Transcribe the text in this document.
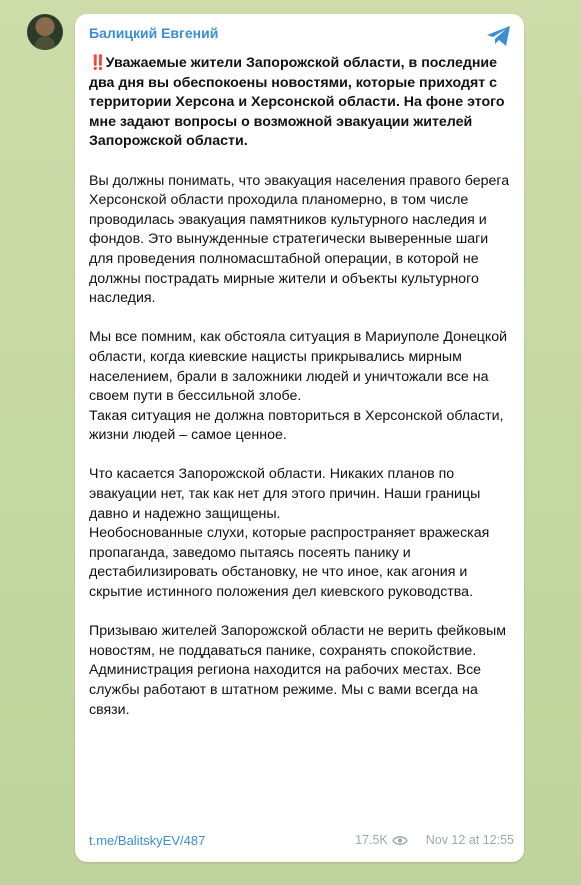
Балицкий Евгений

‼️Уважаемые жители Запорожской области, в последние два дня вы обеспокоены новостями, которые приходят с территории Херсона и Херсонской области. На фоне этого мне задают вопросы о возможной эвакуации жителей Запорожской области.

Вы должны понимать, что эвакуация населения правого берега Херсонской области проходила планомерно, в том числе проводилась эвакуация памятников культурного наследия и фондов. Это вынужденные стратегически выверенные шаги для проведения полномасштабной операции, в которой не должны пострадать мирные жители и объекты культурного наследия.

Мы все помним, как обстояла ситуация в Мариуполе Донецкой области, когда киевские нацисты прикрывались мирным населением, брали в заложники людей и уничтожали все на своем пути в бессильной злобе.
Такая ситуация не должна повториться в Херсонской области, жизни людей – самое ценное.

Что касается Запорожской области. Никаких планов по эвакуации нет, так как нет для этого причин. Наши границы давно и надежно защищены.
Необоснованные слухи, которые распространяет вражеская пропаганда, заведомо пытаясь посеять панику и дестабилизировать обстановку, не что иное, как агония и скрытие истинного положения дел киевского руководства.

Призываю жителей Запорожской области не верить фейковым новостям, не поддаваться панике, сохранять спокойствие. Администрация региона находится на рабочих местах. Все службы работают в штатном режиме. Мы с вами всегда на связи.

t.me/BalitskyEV/487	17.5K	Nov 12 at 12:55
